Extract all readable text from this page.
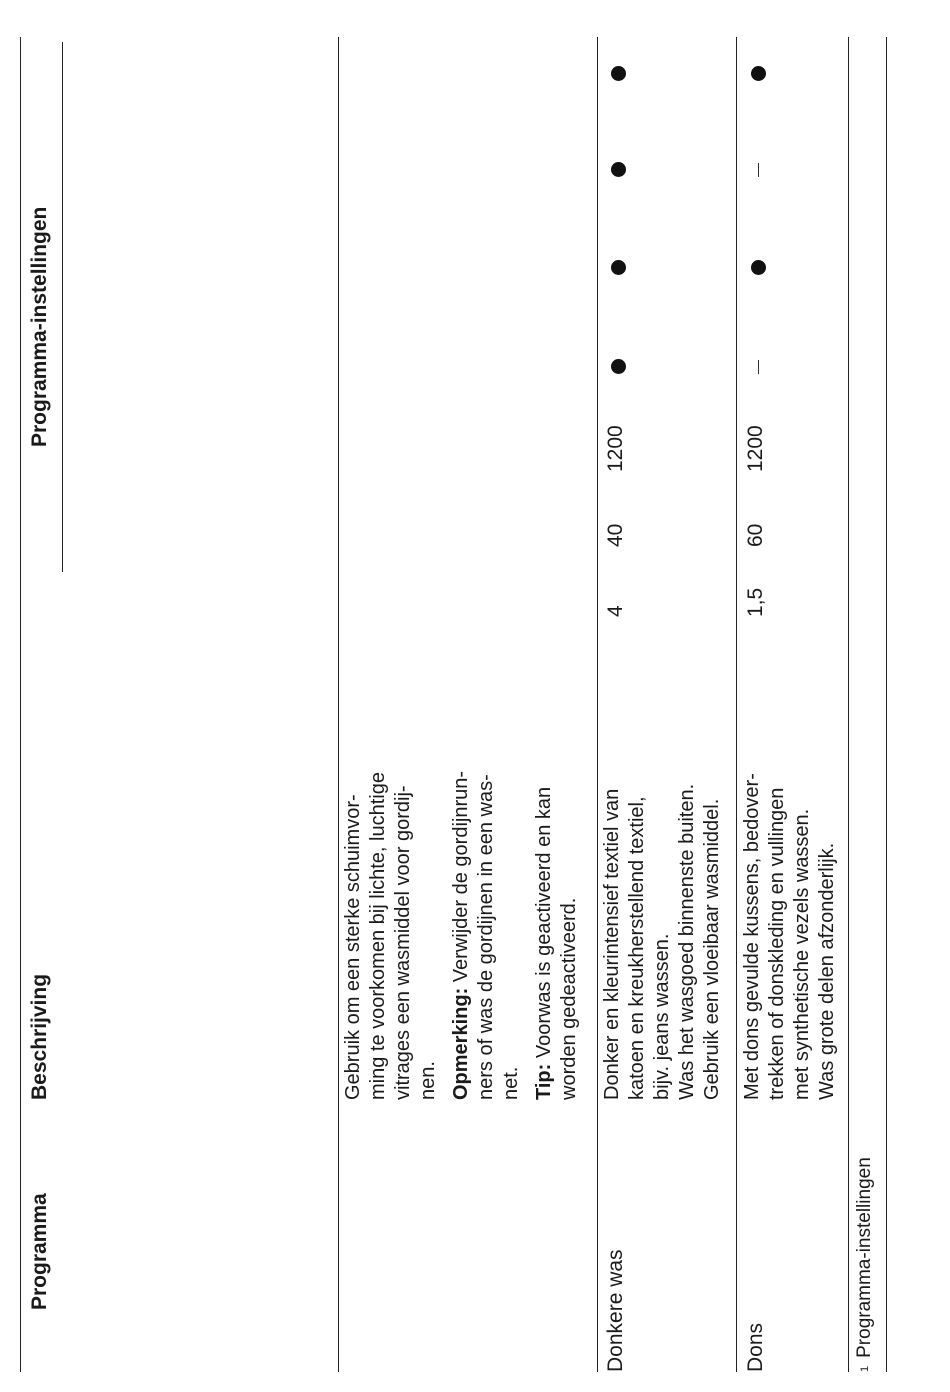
Programma
Beschrijving
Programma-instellingen

Gebruik om een sterke schuimvor- ming te voorkomen bij lichte, luchtige vitrages een wasmiddel voor gordij- nen. Opmerking: Verwijder de gordijnrun- ners of was de gordijnen in een was- net. Tip: Voorwas is geactiveerd en kan worden gedeactiveerd.

Donkere was
Donker en kleurintensief textiel van katoen en kreukherstellend textiel, bijv. jeans wassen. Was het wasgoed binnenste buiten. Gebruik een vloeibaar wasmiddel.
4
40
1200
Dons
Met dons gevulde kussens, bedover- trekken of donskleding en vullingen met synthetische vezels wassen. Was grote delen afzonderlijk.
1,5
60
1200
$^1$Programma-instellingen
